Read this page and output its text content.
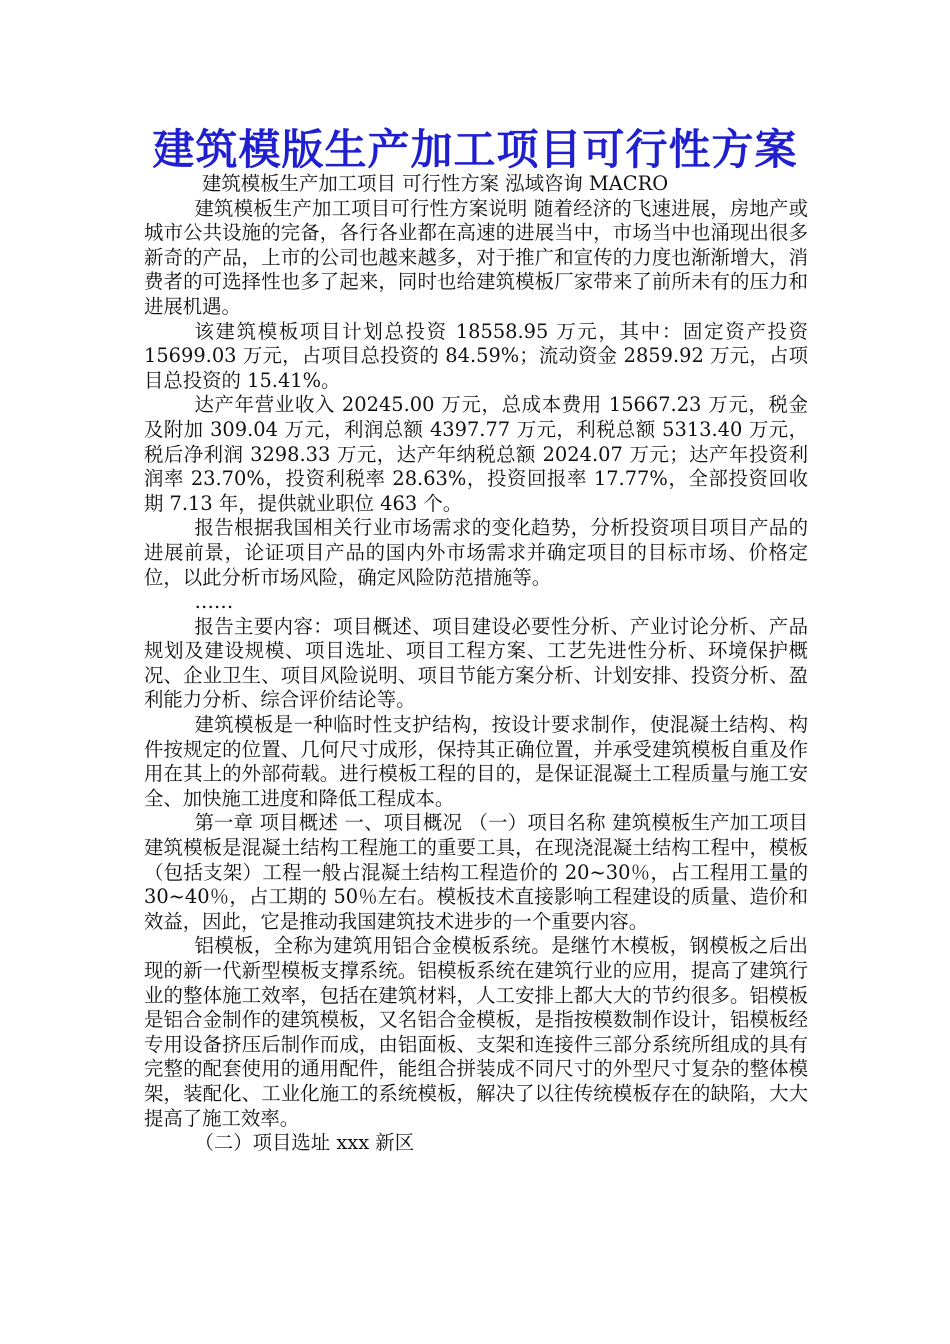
建筑模版生产加工项目可行性方案

建筑模板生产加工项目 可行性方案 泓域咨询 MACRO

建筑模板生产加工项目可行性方案说明 随着经济的飞速进展，房地产或城市公共设施的完备，各行各业都在高速的进展当中，市场当中也涌现出很多新奇的产品，上市的公司也越来越多，对于推广和宣传的力度也渐渐增大，消费者的可选择性也多了起来，同时也给建筑模板厂家带来了前所未有的压力和进展机遇。

该建筑模板项目计划总投资 18558.95 万元，其中：固定资产投资 15699.03 万元，占项目总投资的 84.59%；流动资金 2859.92 万元，占项目总投资的 15.41%。

达产年营业收入 20245.00 万元，总成本费用 15667.23 万元，税金及附加 309.04 万元，利润总额 4397.77 万元，利税总额 5313.40 万元，税后净利润 3298.33 万元，达产年纳税总额 2024.07 万元；达产年投资利润率 23.70%，投资利税率 28.63%，投资回报率 17.77%，全部投资回收期 7.13 年，提供就业职位 463 个。

报告根据我国相关行业市场需求的变化趋势，分析投资项目项目产品的进展前景，论证项目产品的国内外市场需求并确定项目的目标市场、价格定位，以此分析市场风险，确定风险防范措施等。

……

报告主要内容：项目概述、项目建设必要性分析、产业讨论分析、产品规划及建设规模、项目选址、项目工程方案、工艺先进性分析、环境保护概况、企业卫生、项目风险说明、项目节能方案分析、计划安排、投资分析、盈利能力分析、综合评价结论等。

建筑模板是一种临时性支护结构，按设计要求制作，使混凝土结构、构件按规定的位置、几何尺寸成形，保持其正确位置，并承受建筑模板自重及作用在其上的外部荷载。进行模板工程的目的，是保证混凝土工程质量与施工安全、加快施工进度和降低工程成本。

第一章 项目概述 一、项目概况 （一）项目名称 建筑模板生产加工项目 建筑模板是混凝土结构工程施工的重要工具，在现浇混凝土结构工程中，模板（包括支架）工程一般占混凝土结构工程造价的 20~30％，占工程用工量的 30~40％，占工期的 50％左右。模板技术直接影响工程建设的质量、造价和效益，因此，它是推动我国建筑技术进步的一个重要内容。

铝模板，全称为建筑用铝合金模板系统。是继竹木模板，钢模板之后出现的新一代新型模板支撑系统。铝模板系统在建筑行业的应用，提高了建筑行业的整体施工效率，包括在建筑材料，人工安排上都大大的节约很多。铝模板是铝合金制作的建筑模板，又名铝合金模板，是指按模数制作设计，铝模板经专用设备挤压后制作而成，由铝面板、支架和连接件三部分系统所组成的具有完整的配套使用的通用配件，能组合拼装成不同尺寸的外型尺寸复杂的整体模架，装配化、工业化施工的系统模板，解决了以往传统模板存在的缺陷，大大提高了施工效率。

（二）项目选址 xxx 新区
